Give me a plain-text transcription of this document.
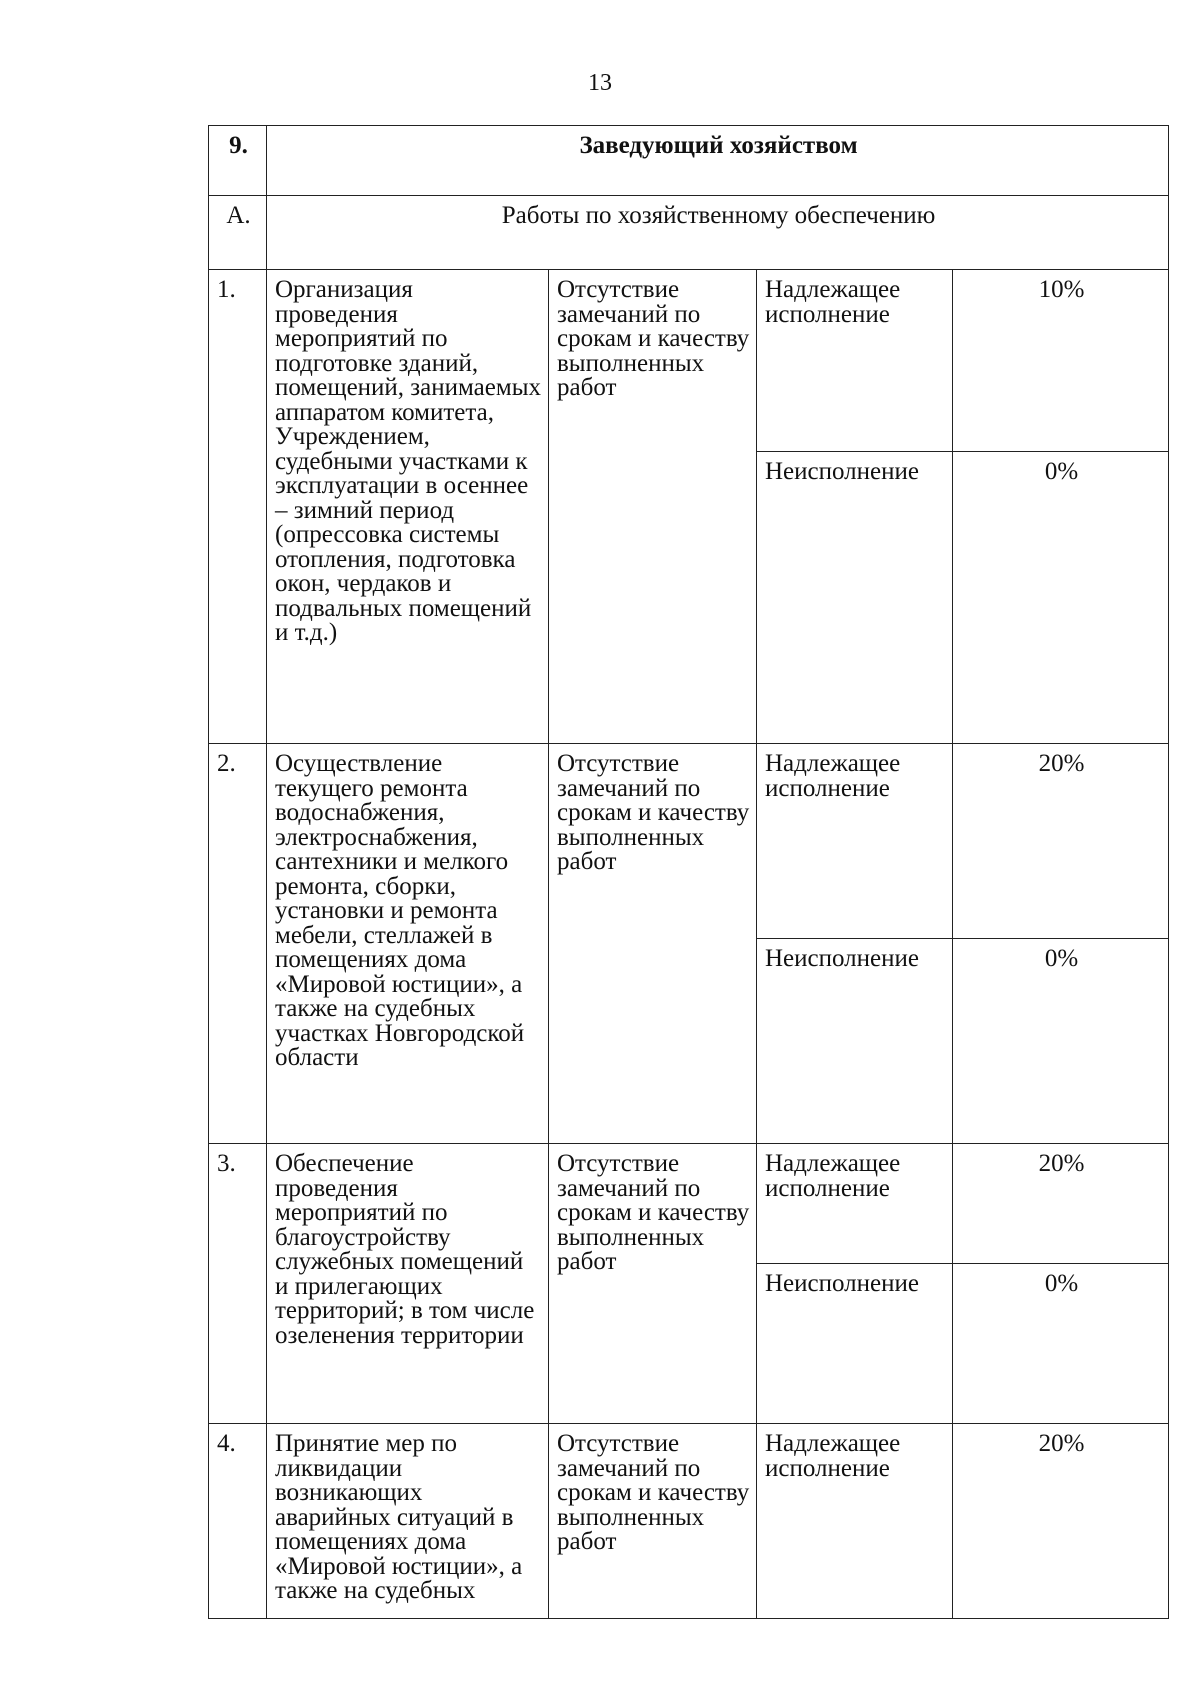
13
9.	Заведующий хозяйством			
А.	Работы по хозяйственному обеспечению			
1.	Организация проведения мероприятий по подготовке зданий, помещений, занимаемых аппаратом комитета, Учреждением, судебными участками к эксплуатации в осеннее – зимний период (опрессовка системы отопления, подготовка окон, чердаков и подвальных помещений и т.д.)	Отсутствие замечаний по срокам и качеству выполненных работ	Надлежащее исполнение	10%
			Неисполнение	0%
2.	Осуществление текущего ремонта водоснабжения, электроснабжения, сантехники и мелкого ремонта, сборки, установки и ремонта мебели, стеллажей в помещениях дома «Мировой юстиции», а также на судебных участках Новгородской области	Отсутствие замечаний по срокам и качеству выполненных работ	Надлежащее исполнение	20%
			Неисполнение	0%
3.	Обеспечение проведения мероприятий по благоустройству служебных помещений и прилегающих территорий; в том числе озеленения территории	Отсутствие замечаний по срокам и качеству выполненных работ	Надлежащее исполнение	20%
			Неисполнение	0%
4.	Принятие мер по ликвидации возникающих аварийных ситуаций в помещениях дома «Мировой юстиции», а также на судебных	Отсутствие замечаний по срокам и качеству выполненных работ	Надлежащее исполнение	20%
